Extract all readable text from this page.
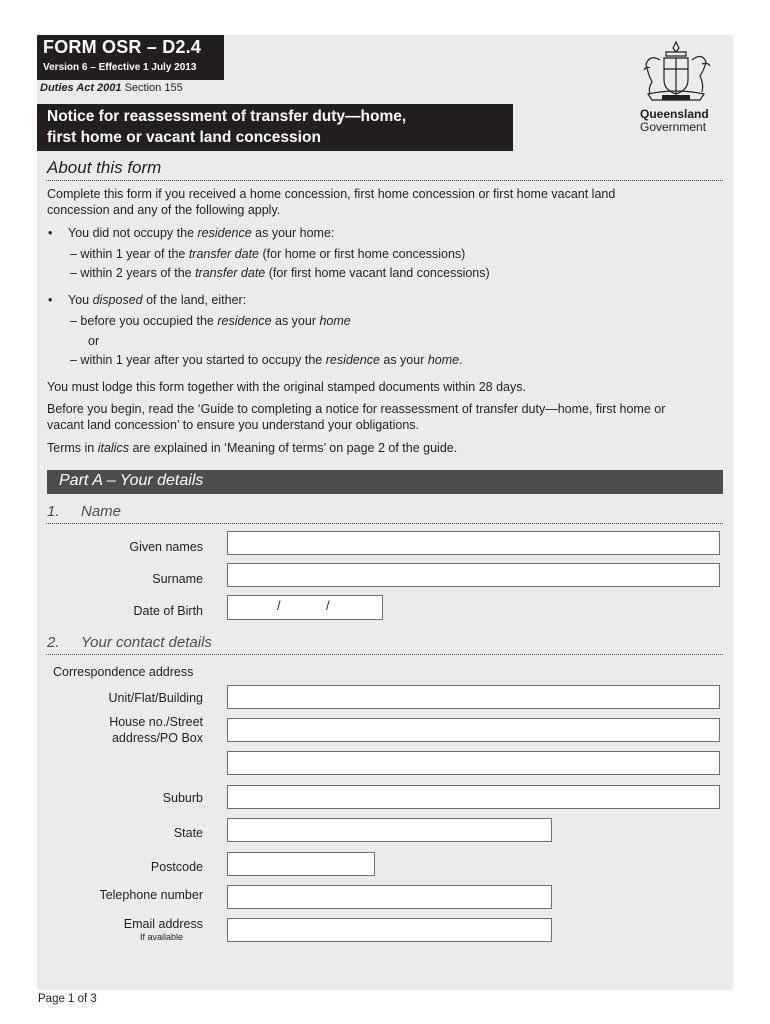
FORM OSR – D2.4
Version 6 – Effective 1 July 2013
Duties Act 2001 Section 155
Notice for reassessment of transfer duty—home,
first home or vacant land concession
Queensland
Government
About this form
Complete this form if you received a home concession, first home concession or first home vacant land
concession and any of the following apply.
• You did not occupy the residence as your home:
– within 1 year of the transfer date (for home or first home concessions)
– within 2 years of the transfer date (for first home vacant land concessions)
• You disposed of the land, either:
– before you occupied the residence as your home
or
– within 1 year after you started to occupy the residence as your home.
You must lodge this form together with the original stamped documents within 28 days.
Before you begin, read the ‘Guide to completing a notice for reassessment of transfer duty—home, first home or
vacant land concession’ to ensure you understand your obligations.
Terms in italics are explained in ‘Meaning of terms’ on page 2 of the guide.
Part A – Your details
1. Name
Given names
Surname
Date of Birth	/	/
2. Your contact details
Correspondence address
Unit/Flat/Building
House no./Street
address/PO Box
Suburb
State
Postcode
Telephone number
Email address
If available
Page 1 of 3
